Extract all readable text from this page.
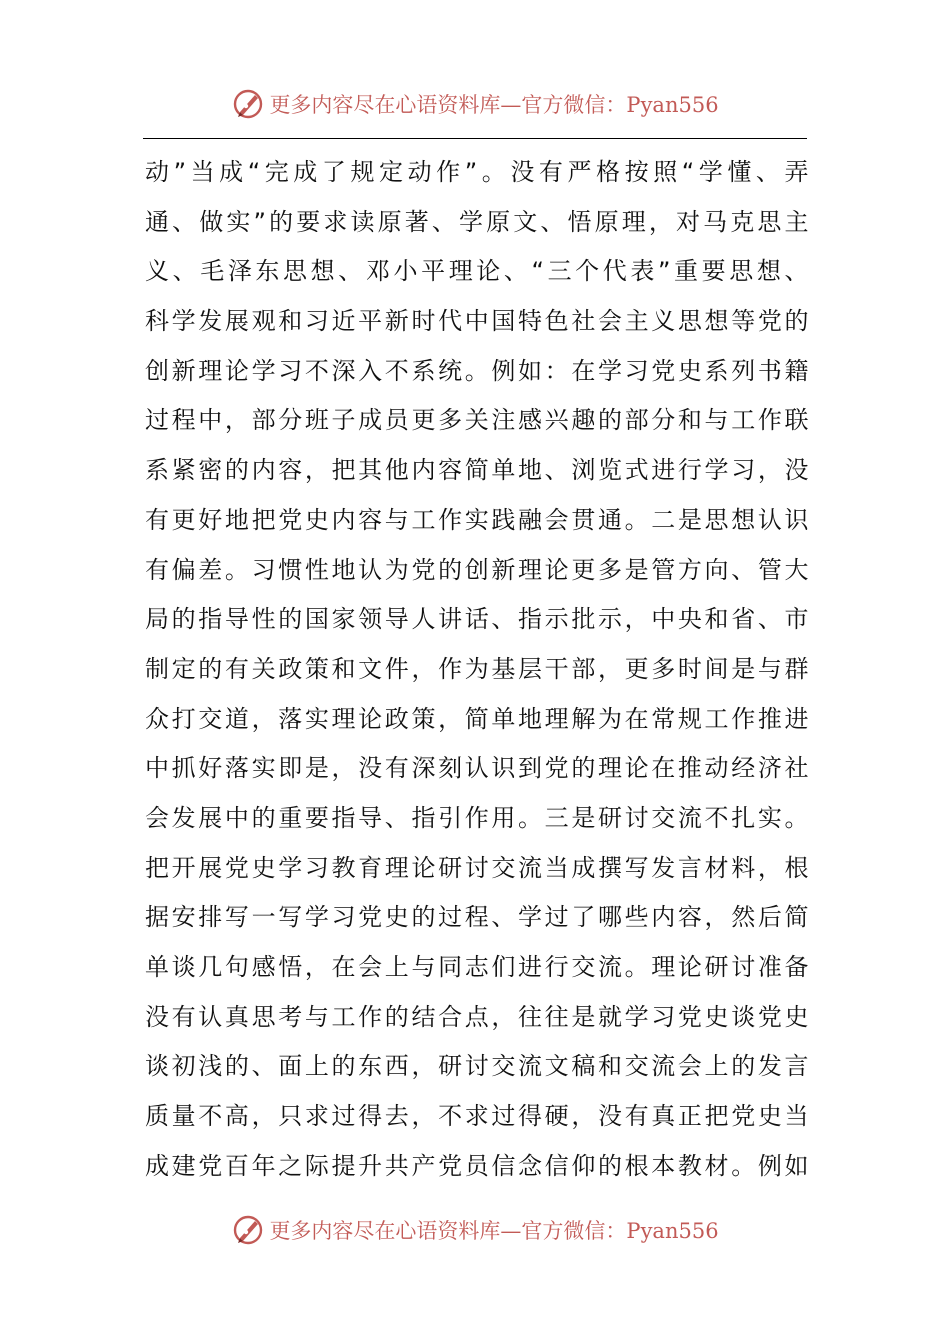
更多内容尽在心语资料库—官方微信：Pyan556
动”当成“完成了规定动作”。没有严格按照“学懂、弄
通、做实”的要求读原著、学原文、悟原理，对马克思主
义、毛泽东思想、邓小平理论、“三个代表”重要思想、
科学发展观和习近平新时代中国特色社会主义思想等党的
创新理论学习不深入不系统。例如：在学习党史系列书籍
过程中，部分班子成员更多关注感兴趣的部分和与工作联
系紧密的内容，把其他内容简单地、浏览式进行学习，没
有更好地把党史内容与工作实践融会贯通。二是思想认识
有偏差。习惯性地认为党的创新理论更多是管方向、管大
局的指导性的国家领导人讲话、指示批示，中央和省、市
制定的有关政策和文件，作为基层干部，更多时间是与群
众打交道，落实理论政策，简单地理解为在常规工作推进
中抓好落实即是，没有深刻认识到党的理论在推动经济社
会发展中的重要指导、指引作用。三是研讨交流不扎实。
把开展党史学习教育理论研讨交流当成撰写发言材料，根
据安排写一写学习党史的过程、学过了哪些内容，然后简
单谈几句感悟，在会上与同志们进行交流。理论研讨准备
没有认真思考与工作的结合点，往往是就学习党史谈党史
谈初浅的、面上的东西，研讨交流文稿和交流会上的发言
质量不高，只求过得去，不求过得硬，没有真正把党史当
成建党百年之际提升共产党员信念信仰的根本教材。例如
更多内容尽在心语资料库—官方微信：Pyan556
